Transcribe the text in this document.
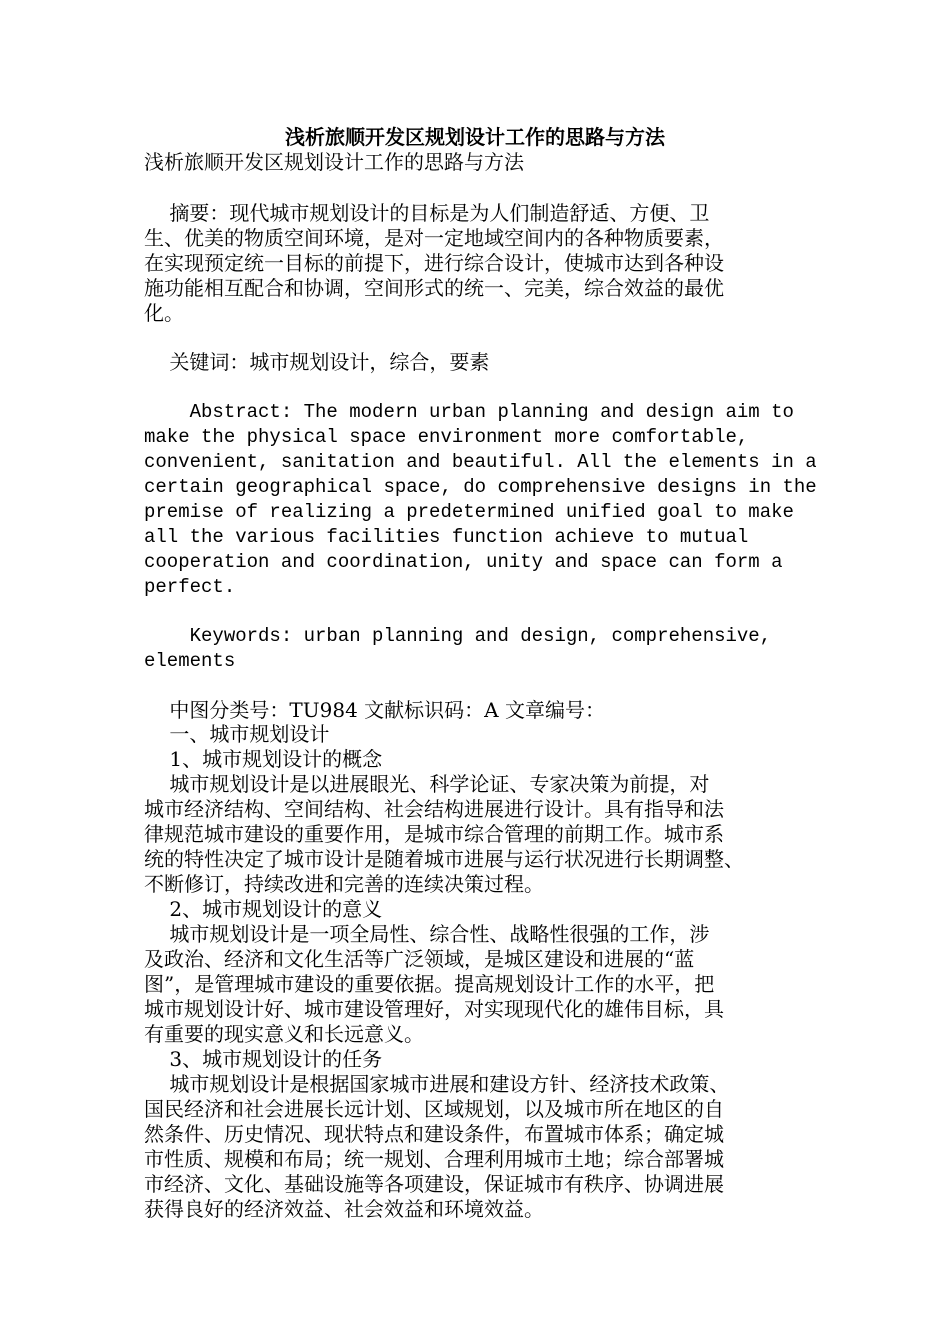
浅析旅顺开发区规划设计工作的思路与方法
浅析旅顺开发区规划设计工作的思路与方法
摘要：现代城市规划设计的目标是为人们制造舒适、方便、卫
生、优美的物质空间环境，是对一定地域空间内的各种物质要素，
在实现预定统一目标的前提下，进行综合设计，使城市达到各种设
施功能相互配合和协调，空间形式的统一、完美，综合效益的最优
化。
关键词：城市规划设计，综合，要素
Abstract: The modern urban planning and design aim to
make the physical space environment more comfortable,
convenient, sanitation and beautiful. All the elements in a
certain geographical space, do comprehensive designs in the
premise of realizing a predetermined unified goal to make
all the various facilities function achieve to mutual
cooperation and coordination, unity and space can form a
perfect.
Keywords: urban planning and design, comprehensive,
elements
中图分类号：TU984 文献标识码：A 文章编号：
一、城市规划设计
1、城市规划设计的概念
城市规划设计是以进展眼光、科学论证、专家决策为前提，对
城市经济结构、空间结构、社会结构进展进行设计。具有指导和法
律规范城市建设的重要作用，是城市综合管理的前期工作。城市系
统的特性决定了城市设计是随着城市进展与运行状况进行长期调整、
不断修订，持续改进和完善的连续决策过程。
2、城市规划设计的意义
城市规划设计是一项全局性、综合性、战略性很强的工作，涉
及政治、经济和文化生活等广泛领域，是城区建设和进展的“蓝
图”，是管理城市建设的重要依据。提高规划设计工作的水平，把
城市规划设计好、城市建设管理好，对实现现代化的雄伟目标，具
有重要的现实意义和长远意义。
3、城市规划设计的任务
城市规划设计是根据国家城市进展和建设方针、经济技术政策、
国民经济和社会进展长远计划、区域规划，以及城市所在地区的自
然条件、历史情况、现状特点和建设条件，布置城市体系；确定城
市性质、规模和布局；统一规划、合理利用城市土地；综合部署城
市经济、文化、基础设施等各项建设，保证城市有秩序、协调进展
获得良好的经济效益、社会效益和环境效益。
